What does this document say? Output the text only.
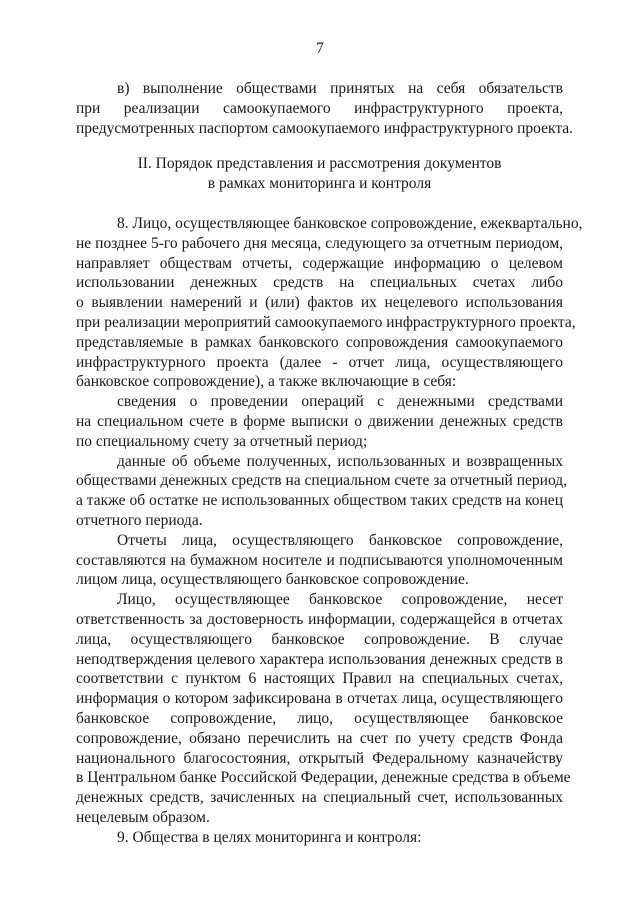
7
в) выполнение обществами принятых на себя обязательств
при реализации самоокупаемого инфраструктурного проекта,
предусмотренных паспортом самоокупаемого инфраструктурного проекта.
II. Порядок представления и рассмотрения документов
в рамках мониторинга и контроля
8. Лицо, осуществляющее банковское сопровождение, ежеквартально,
не позднее 5-го рабочего дня месяца, следующего за отчетным периодом,
направляет обществам отчеты, содержащие информацию о целевом
использовании денежных средств на специальных счетах либо
о выявлении намерений и (или) фактов их нецелевого использования
при реализации мероприятий самоокупаемого инфраструктурного проекта,
представляемые в рамках банковского сопровождения самоокупаемого
инфраструктурного проекта (далее - отчет лица, осуществляющего
банковское сопровождение), а также включающие в себя:
сведения о проведении операций с денежными средствами
на специальном счете в форме выписки о движении денежных средств
по специальному счету за отчетный период;
данные об объеме полученных, использованных и возвращенных
обществами денежных средств на специальном счете за отчетный период,
а также об остатке не использованных обществом таких средств на конец
отчетного периода.
Отчеты лица, осуществляющего банковское сопровождение,
составляются на бумажном носителе и подписываются уполномоченным
лицом лица, осуществляющего банковское сопровождение.
Лицо, осуществляющее банковское сопровождение, несет
ответственность за достоверность информации, содержащейся в отчетах
лица, осуществляющего банковское сопровождение. В случае
неподтверждения целевого характера использования денежных средств в
соответствии с пунктом 6 настоящих Правил на специальных счетах,
информация о котором зафиксирована в отчетах лица, осуществляющего
банковское сопровождение, лицо, осуществляющее банковское
сопровождение, обязано перечислить на счет по учету средств Фонда
национального благосостояния, открытый Федеральному казначейству
в Центральном банке Российской Федерации, денежные средства в объеме
денежных средств, зачисленных на специальный счет, использованных
нецелевым образом.
9. Общества в целях мониторинга и контроля:
